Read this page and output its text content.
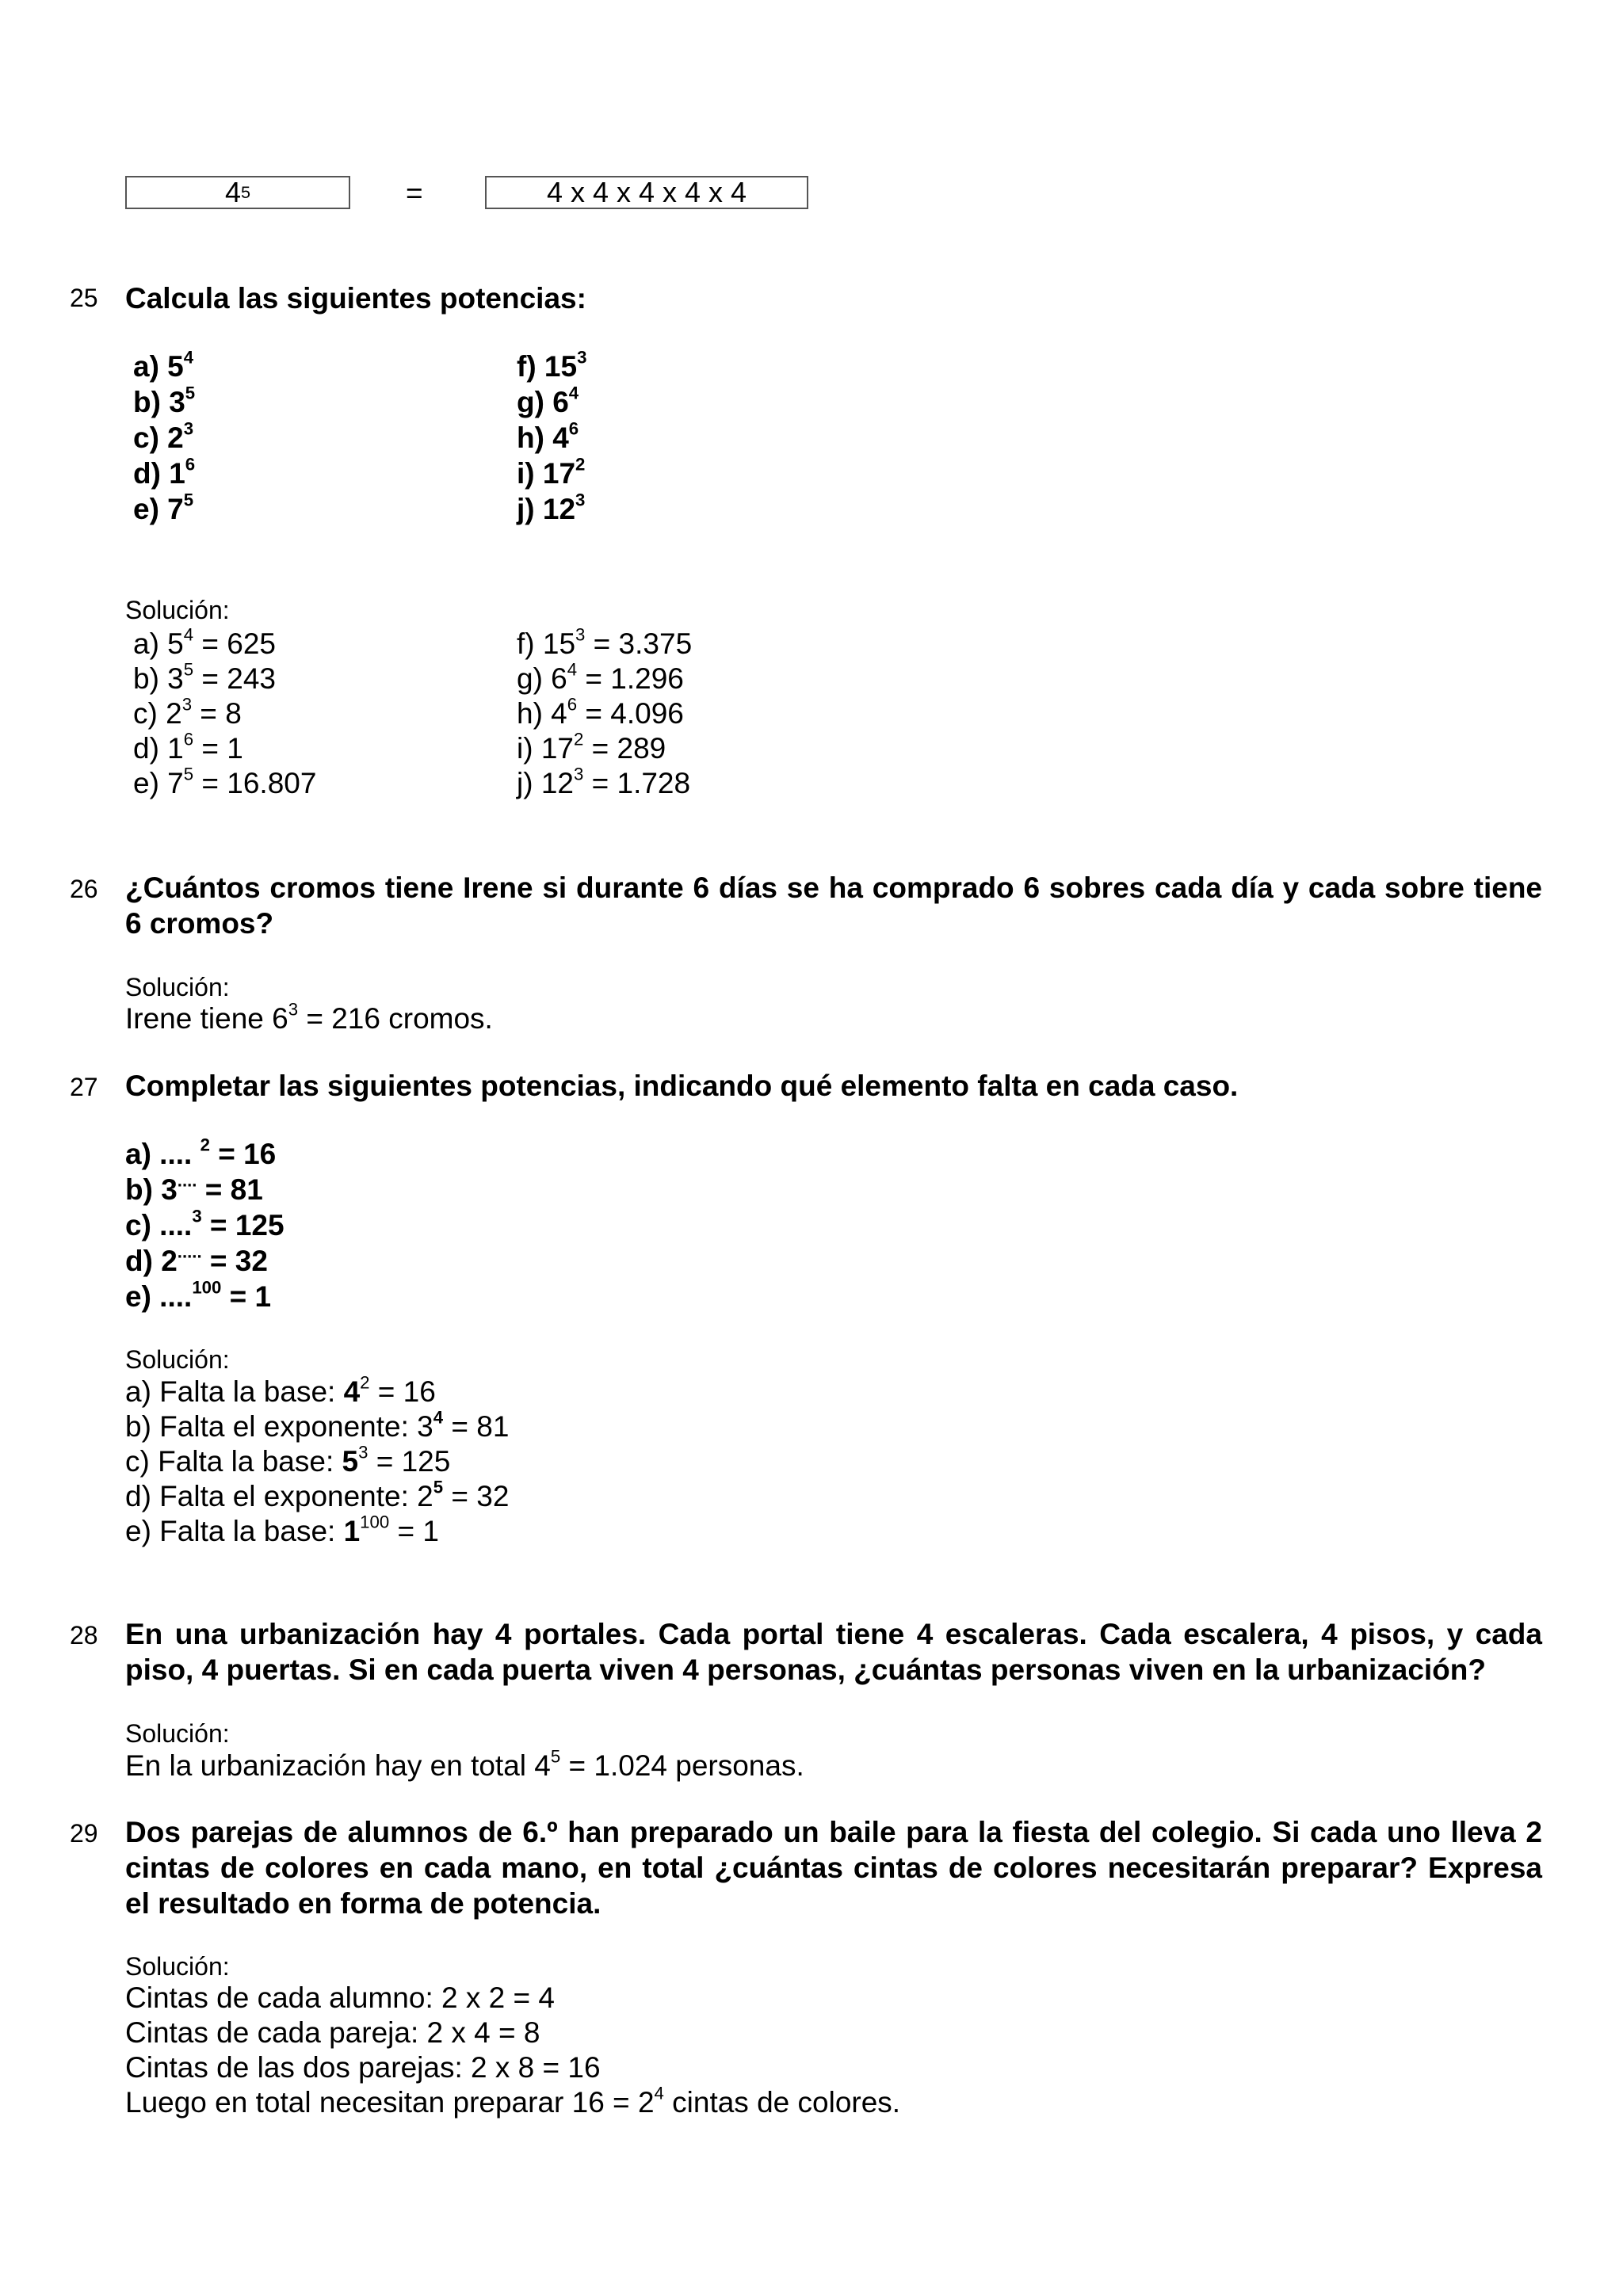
4 5	=	4 x 4 x 4 x 4 x 4
25 Calcula las siguientes potencias:
a) $5^4$
b) $3^5$
c) $2^3$
d) $1^6$
e) $7^5$
f) $15^3$
g) $6^4$
h) $4^6$
i) $17^2$
j) $12^3$
Solución:
a) $5^4 = 625$
b) $3^5 = 243$
c) $2^3 = 8$
d) $1^6 = 1$
e) $7^5 = 16.807$
f) $15^3 = 3.375$
g) $6^4 = 1.296$
h) $4^6 = 4.096$
i) $17^2 = 289$
j) $12^3 = 1.728$
26 ¿Cuántos cromos tiene Irene si durante 6 días se ha comprado 6 sobres cada día y cada sobre tiene 6 cromos?
Solución:
Irene tiene $6^3 = 216$ cromos.
27 Completar las siguientes potencias, indicando qué elemento falta en cada caso.
a) .... $^2$ = 16
b) 3.... = 81
c) ....$^3$ = 125
d) 2..... = 32
e) ....$^{100}$ = 1
Solución:
a) Falta la base: $4^2 = 16$
b) Falta el exponente: $3^4 = 81$
c) Falta la base: $5^3 = 125$
d) Falta el exponente: $2^5 = 32$
e) Falta la base: $1^{100} = 1$
28 En una urbanización hay 4 portales. Cada portal tiene 4 escaleras. Cada escalera, 4 pisos, y cada piso, 4 puertas. Si en cada puerta viven 4 personas, ¿cuántas personas viven en la urbanización?
Solución:
En la urbanización hay en total $4^5 = 1.024$ personas.
29 Dos parejas de alumnos de 6.º han preparado un baile para la fiesta del colegio. Si cada uno lleva 2 cintas de colores en cada mano, en total ¿cuántas cintas de colores necesitarán preparar? Expresa el resultado en forma de potencia.
Solución:
Cintas de cada alumno: 2 x 2 = 4
Cintas de cada pareja: 2 x 4 = 8
Cintas de las dos parejas: 2 x 8 = 16
Luego en total necesitan preparar $16 = 2^4$ cintas de colores.
